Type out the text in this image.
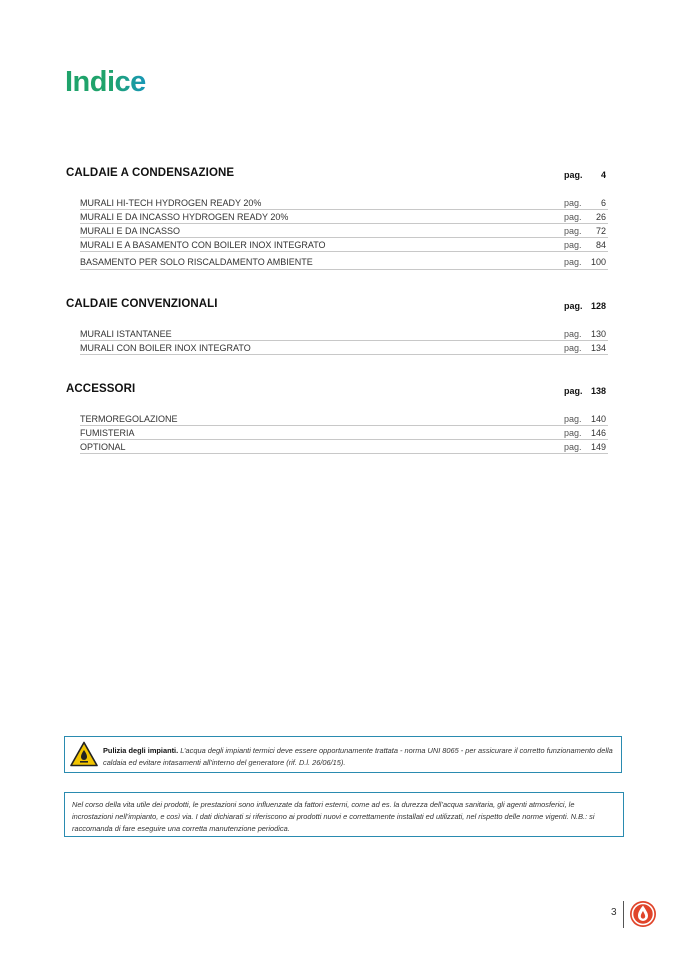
Indice
CALDAIE A CONDENSAZIONE	pag. 4
MURALI HI-TECH HYDROGEN READY 20%	pag. 6
MURALI E DA INCASSO HYDROGEN READY 20%	pag. 26
MURALI E DA INCASSO	pag. 72
MURALI E A BASAMENTO CON BOILER INOX INTEGRATO	pag. 84
BASAMENTO PER SOLO RISCALDAMENTO AMBIENTE	pag. 100
CALDAIE CONVENZIONALI	pag. 128
MURALI ISTANTANEE	pag. 130
MURALI CON BOILER INOX INTEGRATO	pag. 134
ACCESSORI	pag. 138
TERMOREGOLAZIONE	pag. 140
FUMISTERIA	pag. 146
OPTIONAL	pag. 149
Pulizia degli impianti. L’acqua degli impianti termici deve essere opportunamente trattata - norma UNI 8065 - per assicurare il corretto funzionamento della caldaia ed evitare intasamenti all’interno del generatore (rif. D.l. 26/06/15).
Nel corso della vita utile dei prodotti, le prestazioni sono influenzate da fattori esterni, come ad es. la durezza dell’acqua sanitaria, gli agenti atmosferici, le incrostazioni nell’impianto, e così via. I dati dichiarati si riferiscono ai prodotti nuovi e correttamente installati ed utilizzati, nel rispetto delle norme vigenti. N.B.: si raccomanda di fare eseguire una corretta manutenzione periodica.
3
